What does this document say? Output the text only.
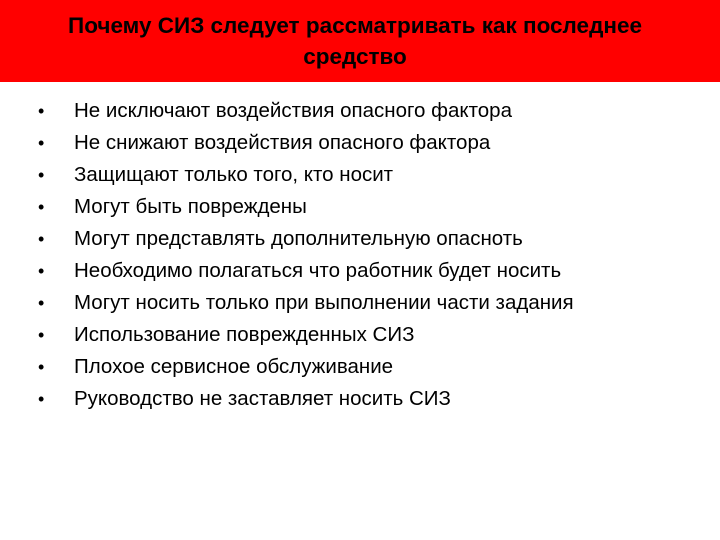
Почему СИЗ следует рассматривать как последнее средство
•	Не исключают воздействия опасного фактора
•	Не снижают воздействия опасного фактора
•	Защищают только того, кто носит
•	Могут быть повреждены
•	Могут представлять дополнительную опасноть
•	Необходимо полагаться что работник будет носить
•	Могут носить только при выполнении части задания
•	Использование поврежденных СИЗ
•	Плохое сервисное обслуживание
•	Руководство не заставляет носить СИЗ
